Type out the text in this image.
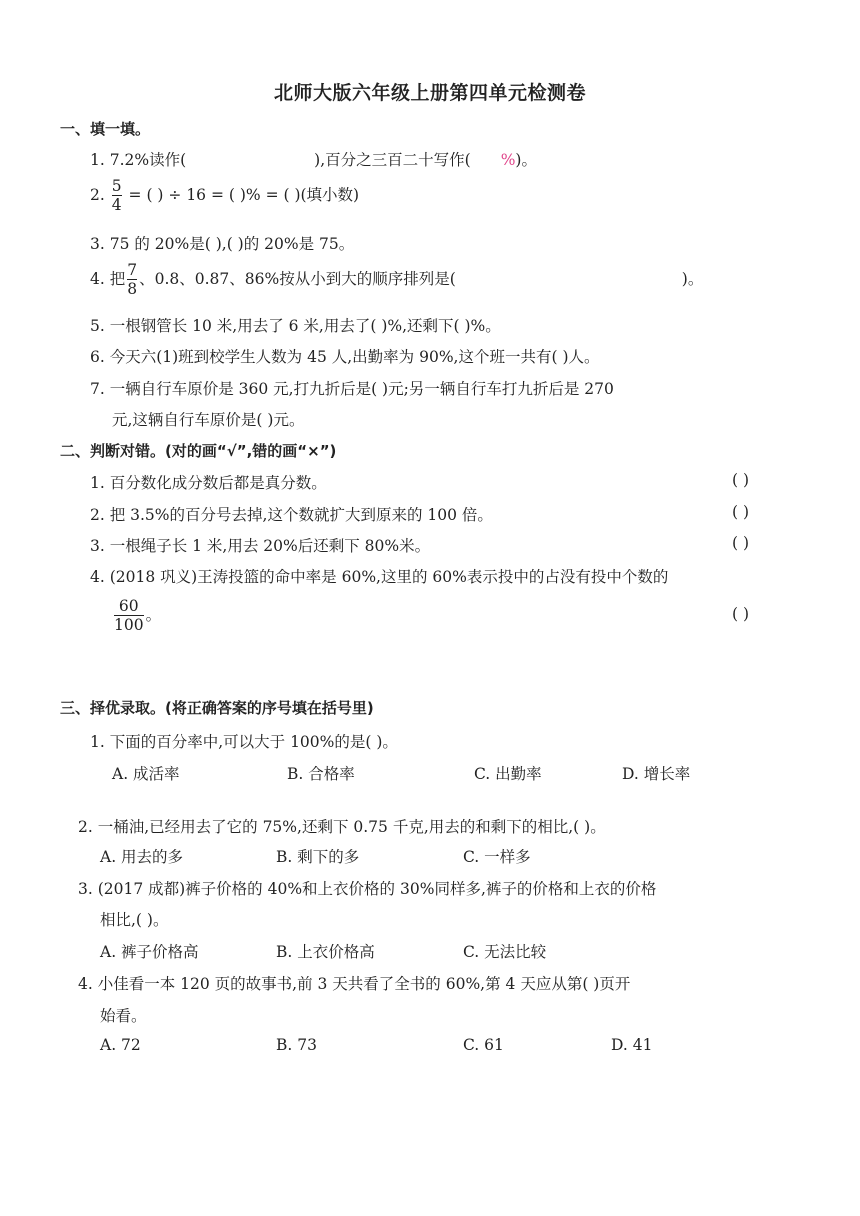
北师大版六年级上册第四单元检测卷
一、填一填。
1. 7.2%读作(	),百分之三百二十写作( %)。
2. $\frac{5}{4}$ = ( ) ÷ 16 = ( )% = ( )(填小数)
3. 75 的 20%是( ),( )的 20%是 75。
4. 把 $\frac{7}{8}$ 、0.8、0.87、86%按从小到大的顺序排列是(	)。
5. 一根钢管长 10 米,用去了 6 米,用去了( )%,还剩下( )%。
6. 今天六(1)班到校学生人数为 45 人,出勤率为 90%,这个班一共有( )人。
7. 一辆自行车原价是 360 元,打九折后是( )元;另一辆自行车打九折后是 270
元,这辆自行车原价是( )元。
二、判断对错。(对的画“√”,错的画“×”)
1. 百分数化成分数后都是真分数。	( )
2. 把 3.5%的百分号去掉,这个数就扩大到原来的 100 倍。	( )
3. 一根绳子长 1 米,用去 20%后还剩下 80%米。	( )
4. (2018 巩义)王涛投篮的命中率是 60%,这里的 60%表示投中的占没有投中个数的
$\frac{60}{100}$ 。	( )
三、择优录取。(将正确答案的序号填在括号里)
1. 下面的百分率中,可以大于 100%的是( )。
A. 成活率	B. 合格率	C. 出勤率	D. 增长率
2. 一桶油,已经用去了它的 75%,还剩下 0.75 千克,用去的和剩下的相比,( )。
A. 用去的多	B. 剩下的多	C. 一样多
3. (2017 成都)裤子价格的 40%和上衣价格的 30%同样多,裤子的价格和上衣的价格
相比,( )。
A. 裤子价格高	B. 上衣价格高	C. 无法比较
4. 小佳看一本 120 页的故事书,前 3 天共看了全书的 60%,第 4 天应从第( )页开
始看。
A. 72	B. 73	C. 61	D. 41
